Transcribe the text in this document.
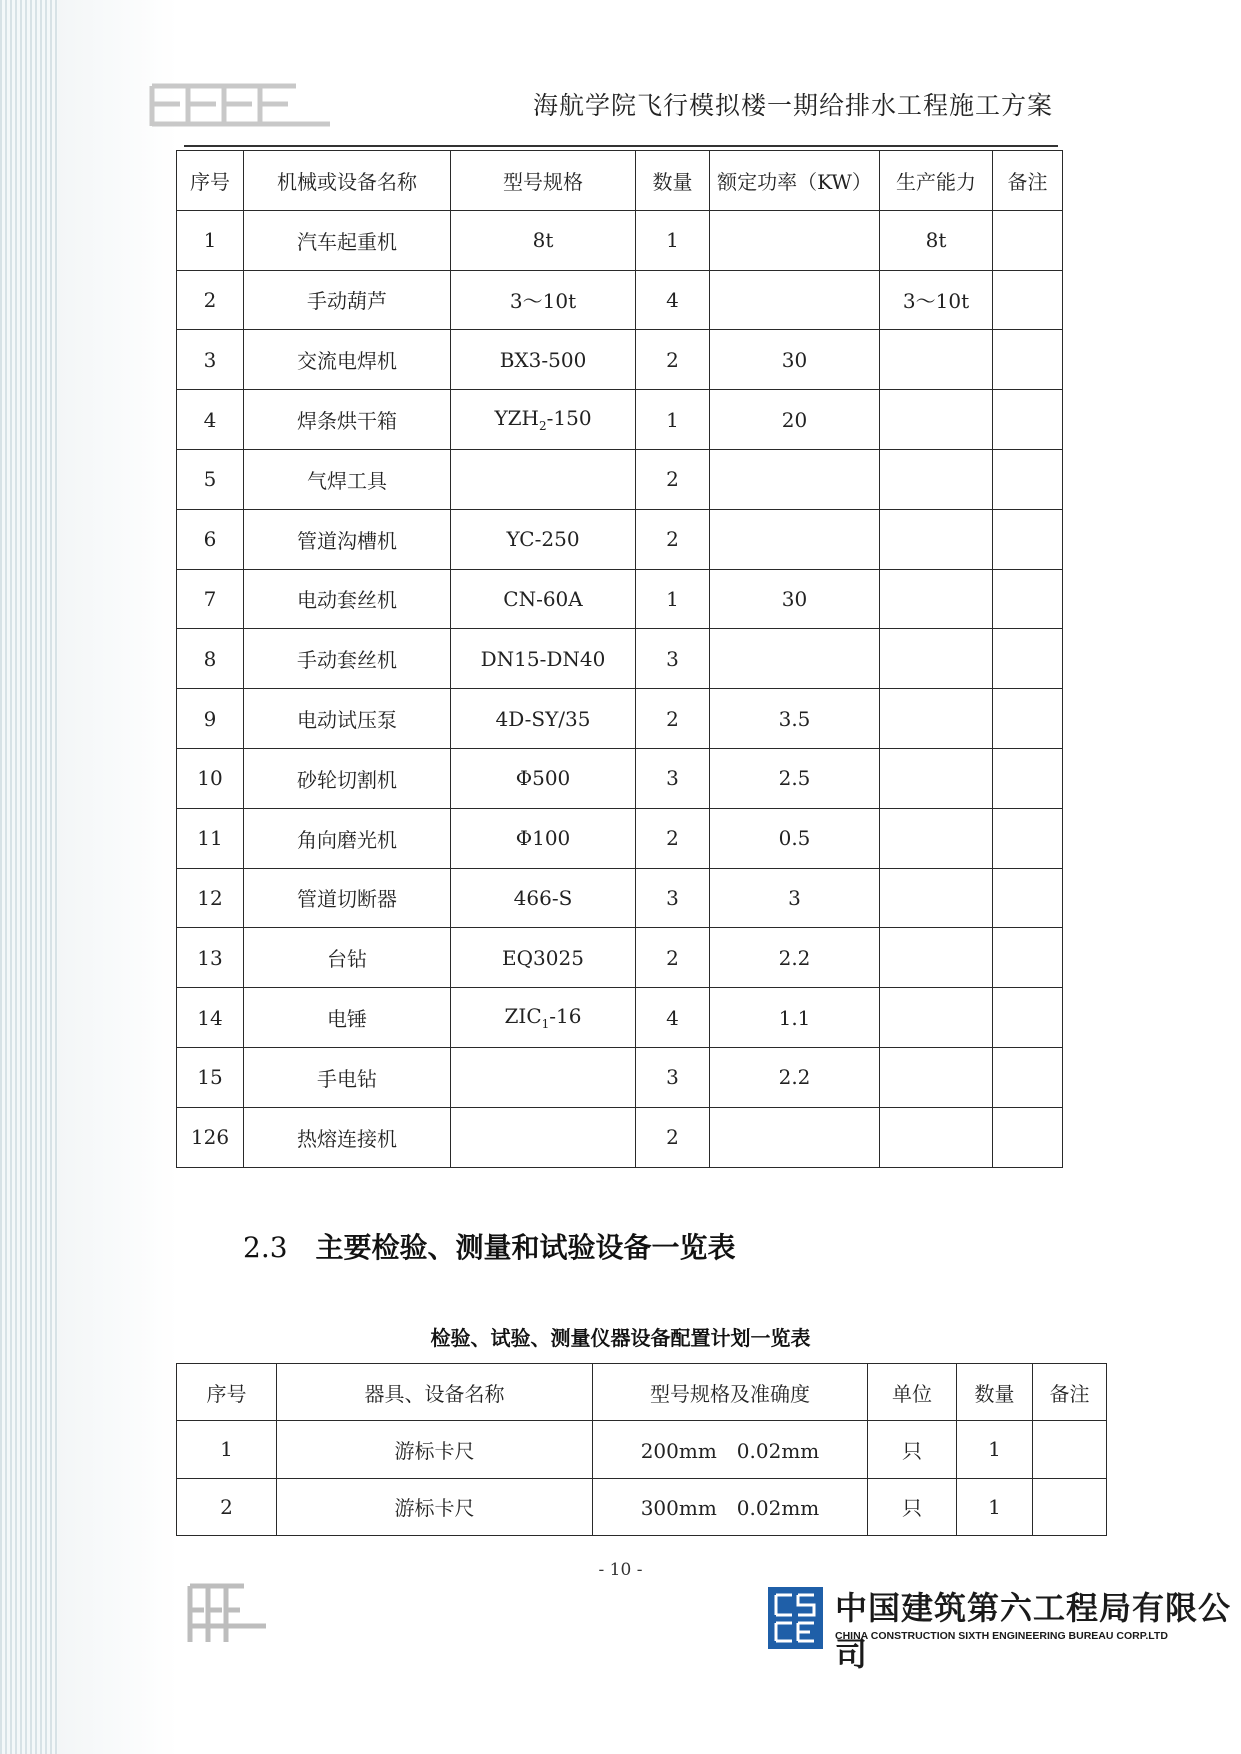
海航学院飞行模拟楼一期给排水工程施工方案
序号	机械或设备名称	型号规格	数量	额定功率（KW）	生产能力	备注
1	汽车起重机	8t	1		8t	
2	手动葫芦	3～10t	4		3～10t	
3	交流电焊机	BX3-500	2	30		
4	焊条烘干箱	$YZH_2-150$	1	20		
5	气焊工具		2			
6	管道沟槽机	YC-250	2			
7	电动套丝机	CN-60A	1	30		
8	手动套丝机	DN15-DN40	3			
9	电动试压泵	4D-SY/35	2	3.5		
10	砂轮切割机	Φ500	3	2.5		
11	角向磨光机	Φ100	2	0.5		
12	管道切断器	466-S	3	3		
13	台钻	EQ3025	2	2.2		
14	电锤	$ZIC_1-16$	4	1.1		
15	手电钻		3	2.2		
126	热熔连接机		2			
2.3 主要检验、测量和试验设备一览表
检验、试验、测量仪器设备配置计划一览表
序号	器具、设备名称	型号规格及准确度	单位	数量	备注
1	游标卡尺	200mm　0.02mm	只	1	
2	游标卡尺	300mm　0.02mm	只	1	
- 10 -
中国建筑第六工程局有限公司
CHINA CONSTRUCTION SIXTH ENGINEERING BUREAU CORP.LTD
